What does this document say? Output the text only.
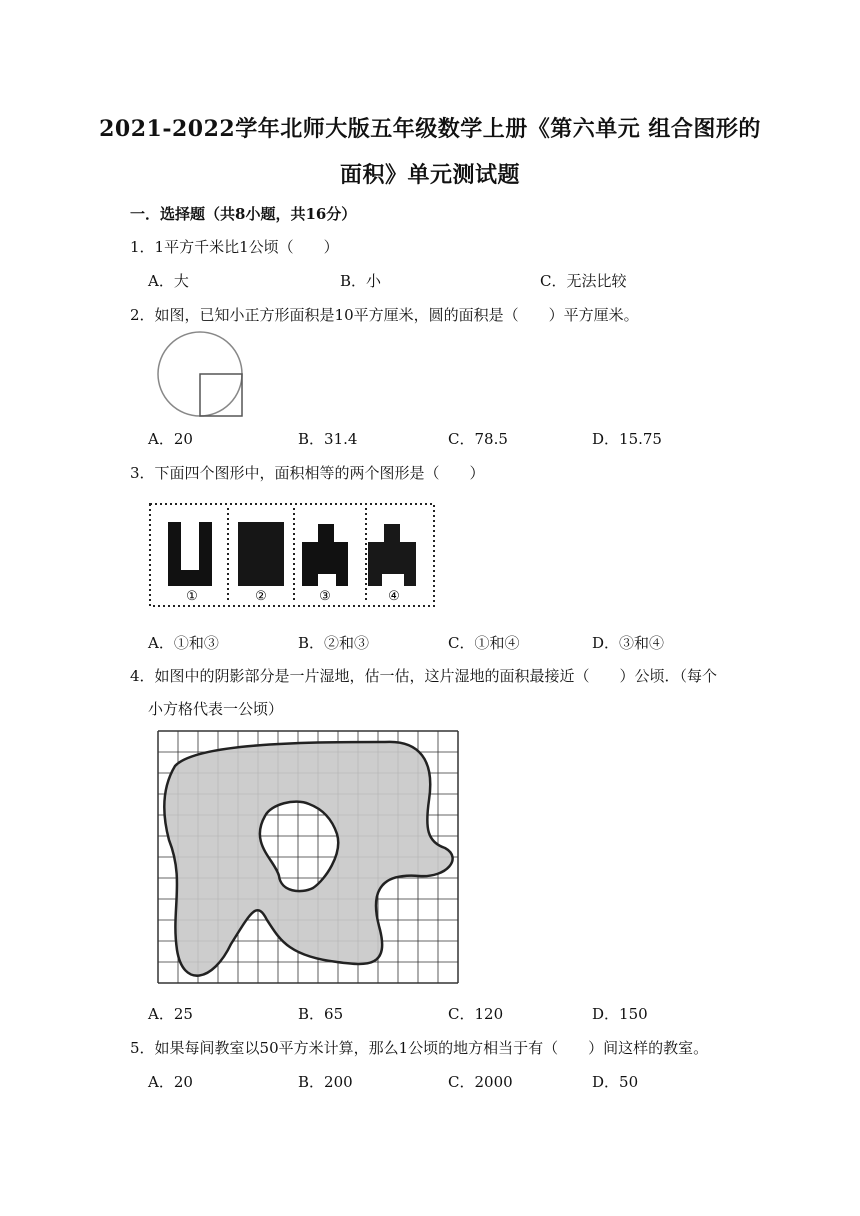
2021-2022学年北师大版五年级数学上册《第六单元 组合图形的
面积》单元测试题
一．选择题（共8小题，共16分）
1．1平方千米比1公顷（　　）
A．大	B．小	C．无法比较
2．如图，已知小正方形面积是10平方厘米，圆的面积是（　　）平方厘米。
A．20	B．31.4	C．78.5	D．15.75
3．下面四个图形中，面积相等的两个图形是（　　）
①	②	③	④
A．①和③	B．②和③	C．①和④	D．③和④
4．如图中的阴影部分是一片湿地，估一估，这片湿地的面积最接近（　　）公顷．（每个
小方格代表一公顷）
A．25	B．65	C．120	D．150
5．如果每间教室以50平方米计算，那么1公顷的地方相当于有（　　）间这样的教室。
A．20	B．200	C．2000	D．50
